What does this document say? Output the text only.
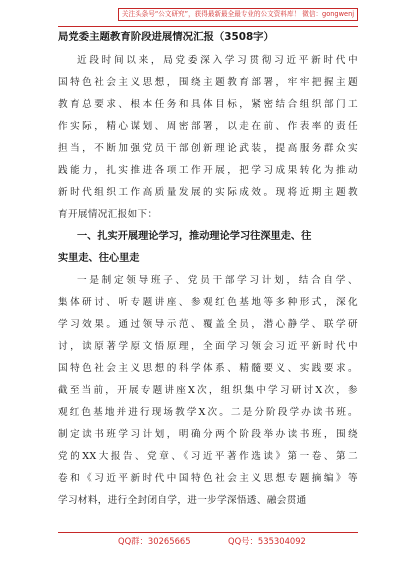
关注头条号“公文研究”，获得最新最全最专业的公文资料库！ 微信：gongwenj
局党委主题教育阶段进展情况汇报（3508字）

近段时间以来，局党委深入学习贯彻习近平新时代中

国特色社会主义思想，围绕主题教育部署，牢牢把握主题

教育总要求、根本任务和具体目标，紧密结合组织部门工

作实际，精心谋划、周密部署，以走在前、作表率的责任

担当，不断加强党员干部创新理论武装，提高服务群众实

践能力，扎实推进各项工作开展，把学习成果转化为推动

新时代组织工作高质量发展的实际成效。现将近期主题教

育开展情况汇报如下：

一、扎实开展理论学习，推动理论学习往深里走、往

实里走、往心里走

一是制定领导班子、党员干部学习计划，结合自学、

集体研讨、听专题讲座、参观红色基地等多种形式，深化

学习效果。通过领导示范、覆盖全员，潜心静学、联学研

讨，读原著学原文悟原理，全面学习领会习近平新时代中

国特色社会主义思想的科学体系、精髓要义、实践要求。

截至当前，开展专题讲座X次，组织集中学习研讨X次，参

观红色基地并进行现场教学X次。二是分阶段学办读书班。

制定读书班学习计划，明确分两个阶段举办读书班，围绕

党的XX大报告、党章、《习近平著作选读》第一卷、第二

卷和《习近平新时代中国特色社会主义思想专题摘编》等

学习材料，进行全封闭自学，进一步学深悟透、融会贯通

QQ群：30265665	QQ号：535304092
